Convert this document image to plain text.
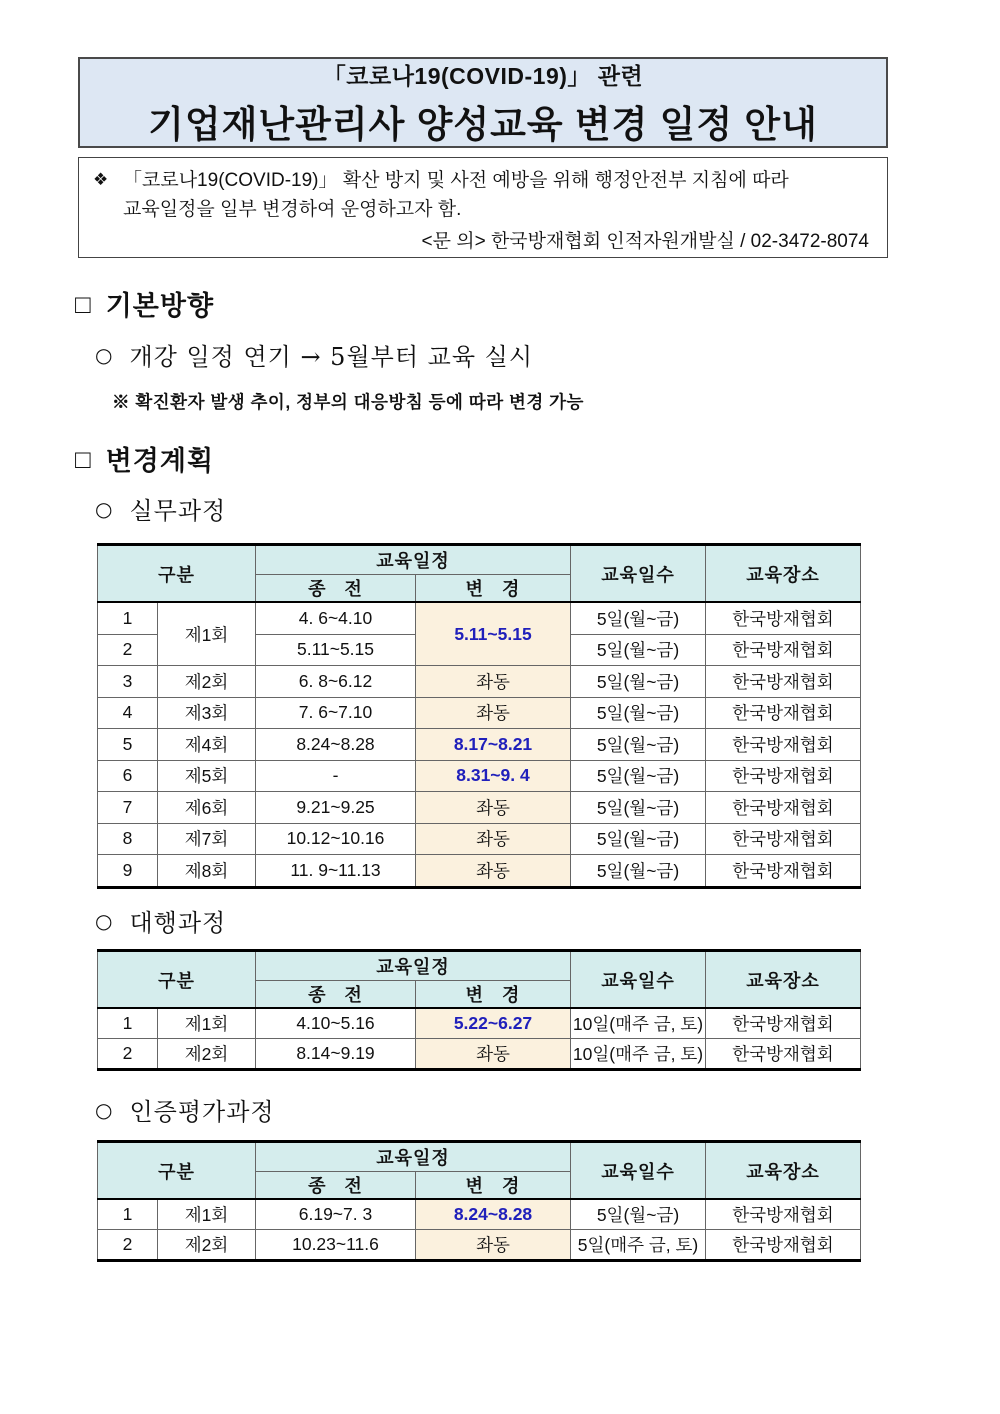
「코로나19(COVID-19)」 관련
기업재난관리사 양성교육 변경 일정 안내
❖ 「코로나19(COVID-19)」 확산 방지 및 사전 예방을 위해 행정안전부 지침에 따라
교육일정을 일부 변경하여 운영하고자 함.
<문 의> 한국방재협회 인적자원개발실 / 02-3472-8074
□ 기본방향
○ 개강 일정 연기 → 5월부터 교육 실시
※ 확진환자 발생 추이, 정부의 대응방침 등에 따라 변경 가능
□ 변경계획
○ 실무과정
구분		교육일정		교육일수	교육장소
		종 전	변 경		
1	제1회	4. 6~4.10	5.11~5.15	5일(월~금)	한국방재협회
2		5.11~5.15		5일(월~금)	한국방재협회
3	제2회	6. 8~6.12	좌동	5일(월~금)	한국방재협회
4	제3회	7. 6~7.10	좌동	5일(월~금)	한국방재협회
5	제4회	8.24~8.28	8.17~8.21	5일(월~금)	한국방재협회
6	제5회	-	8.31~9. 4	5일(월~금)	한국방재협회
7	제6회	9.21~9.25	좌동	5일(월~금)	한국방재협회
8	제7회	10.12~10.16	좌동	5일(월~금)	한국방재협회
9	제8회	11. 9~11.13	좌동	5일(월~금)	한국방재협회
○ 대행과정
구분		교육일정		교육일수	교육장소
		종 전	변 경		
1	제1회	4.10~5.16	5.22~6.27	10일(매주 금, 토)	한국방재협회
2	제2회	8.14~9.19	좌동	10일(매주 금, 토)	한국방재협회
○ 인증평가과정
구분		교육일정		교육일수	교육장소
		종 전	변 경		
1	제1회	6.19~7. 3	8.24~8.28	5일(월~금)	한국방재협회
2	제2회	10.23~11.6	좌동	5일(매주 금, 토)	한국방재협회
